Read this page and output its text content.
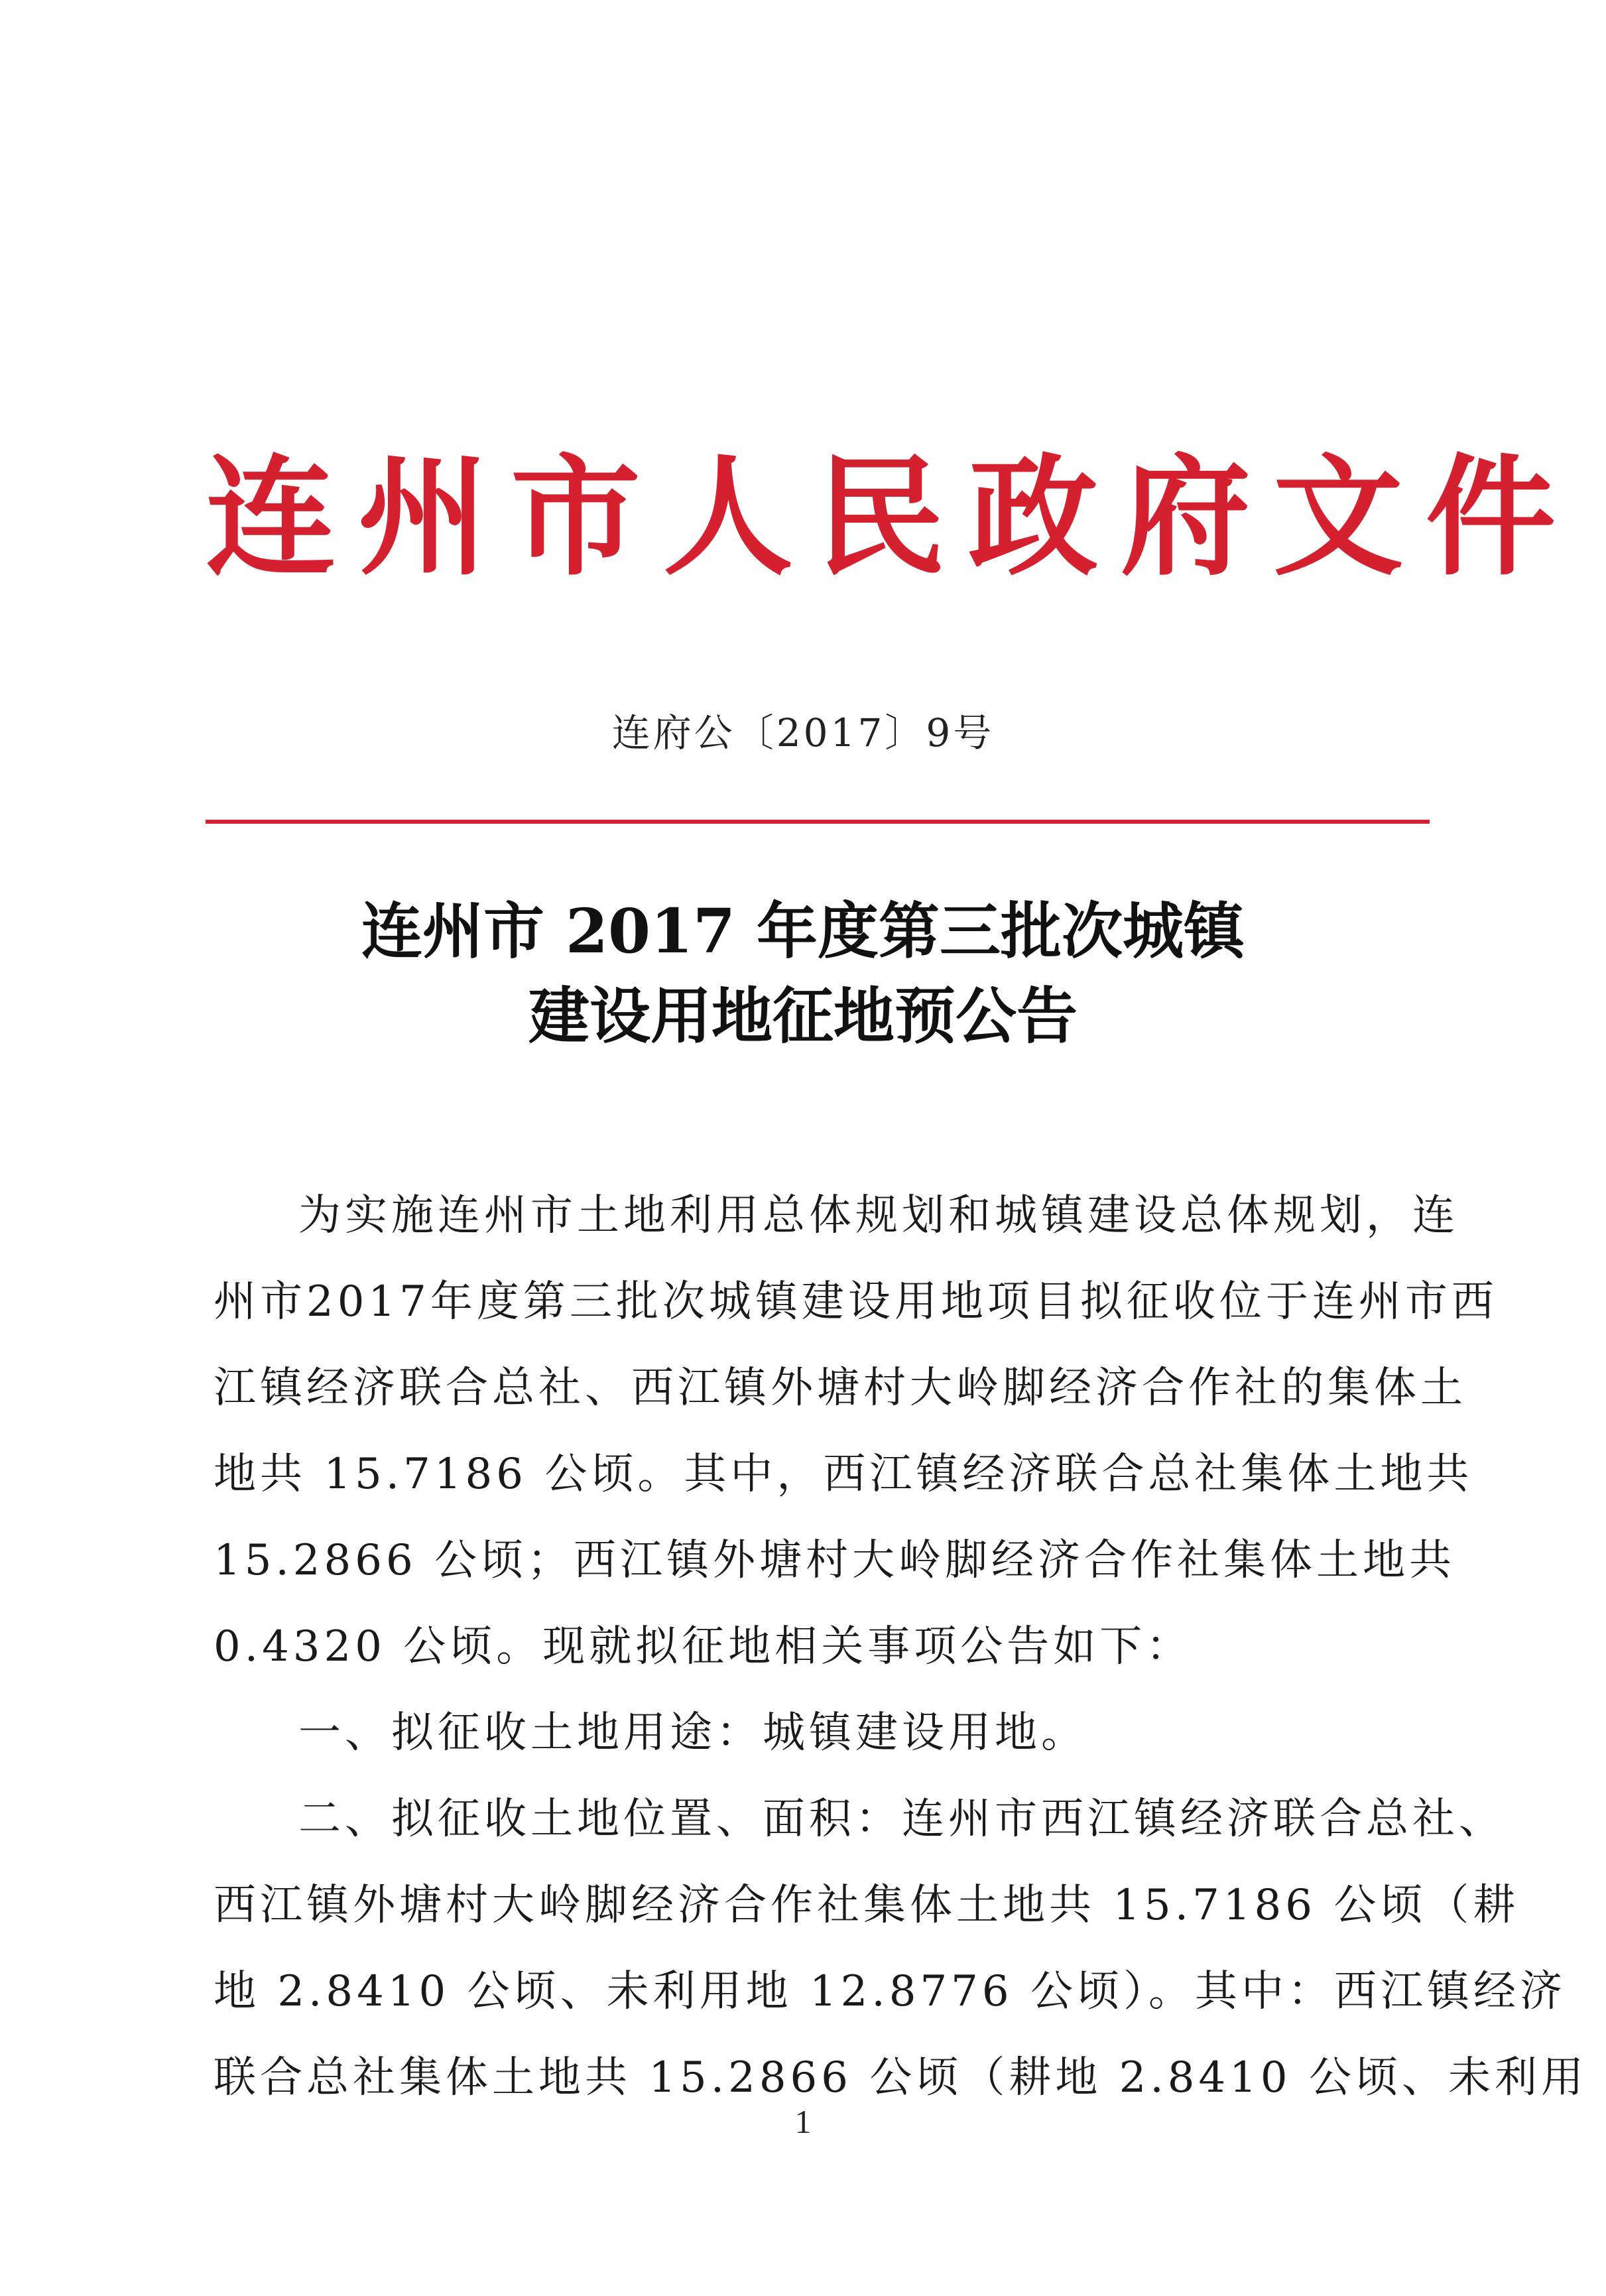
连州市人民政府文件
连府公〔2017〕9号
连州市 2017 年度第三批次城镇
建设用地征地预公告
为实施连州市土地利用总体规划和城镇建设总体规划，连
州市2017年度第三批次城镇建设用地项目拟征收位于连州市西
江镇经济联合总社、西江镇外塘村大岭脚经济合作社的集体土
地共 15.7186 公顷。其中，西江镇经济联合总社集体土地共
15.2866 公顷；西江镇外塘村大岭脚经济合作社集体土地共
0.4320 公顷。现就拟征地相关事项公告如下：
一、拟征收土地用途：城镇建设用地。
二、拟征收土地位置、面积：连州市西江镇经济联合总社、
西江镇外塘村大岭脚经济合作社集体土地共 15.7186 公顷（耕
地 2.8410 公顷、未利用地 12.8776 公顷）。其中：西江镇经济
联合总社集体土地共 15.2866 公顷（耕地 2.8410 公顷、未利用
1
